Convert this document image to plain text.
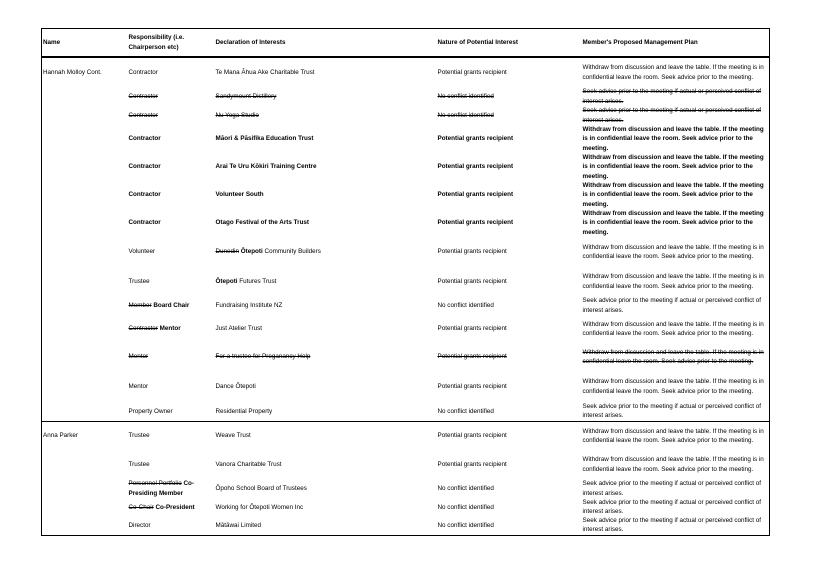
Name	Responsibility (i.e. Chairperson etc)	Declaration of Interests	Nature of Potential Interest	Member's Proposed Management Plan
Hannah Molloy Cont.	Contractor	Te Mana Āhua Ake Charitable Trust	Potential grants recipient	Withdraw from discussion and leave the table. If the meeting is in confidential leave the room. Seek advice prior to the meeting.
	Contractor	Sandymount Distillery	No conflict identified	Seek advice prior to the meeting if actual or perceived conflict of interest arises.
	Contractor	Nu Yoga Studio	No conflict identified	Seek advice prior to the meeting if actual or perceived conflict of interest arises.
	Contractor	Māori & Pāsifika Education Trust	Potential grants recipient	Withdraw from discussion and leave the table. If the meeting is in confidential leave the room. Seek advice prior to the meeting.
	Contractor	Arai Te Uru Kōkiri Training Centre	Potential grants recipient	Withdraw from discussion and leave the table. If the meeting is in confidential leave the room. Seek advice prior to the meeting.
	Contractor	Volunteer South	Potential grants recipient	Withdraw from discussion and leave the table. If the meeting is in confidential leave the room. Seek advice prior to the meeting.
	Contractor	Otago Festival of the Arts Trust	Potential grants recipient	Withdraw from discussion and leave the table. If the meeting is in confidential leave the room. Seek advice prior to the meeting.
	Volunteer	Dunedin Ōtepoti Community Builders	Potential grants recipient	Withdraw from discussion and leave the table. If the meeting is in confidential leave the room. Seek advice prior to the meeting.
	Trustee	Ōtepoti Futures Trust	Potential grants recipient	Withdraw from discussion and leave the table. If the meeting is in confidential leave the room. Seek advice prior to the meeting.
	Member Board Chair	Fundraising Institute NZ	No conflict identified	Seek advice prior to the meeting if actual or perceived conflict of interest arises.
	Contractor Mentor	Just Atelier Trust	Potential grants recipient	Withdraw from discussion and leave the table. If the meeting is in confidential leave the room. Seek advice prior to the meeting.
	Mentor	For a trustee for Preganancy Help	Potential grants recipient	Withdraw from discussion and leave the table. If the meeting is in confidential leave the room. Seek advice prior to the meeting.
	Mentor	Dance Ōtepoti	Potential grants recipient	Withdraw from discussion and leave the table. If the meeting is in confidential leave the room. Seek advice prior to the meeting.
	Property Owner	Residential Property	No conflict identified	Seek advice prior to the meeting if actual or perceived conflict of interest arises.
Anna Parker	Trustee	Weave Trust	Potential grants recipient	Withdraw from discussion and leave the table. If the meeting is in confidential leave the room. Seek advice prior to the meeting.
	Trustee	Vanora Charitable Trust	Potential grants recipient	Withdraw from discussion and leave the table. If the meeting is in confidential leave the room. Seek advice prior to the meeting.
	Personnel Portfolio Co-Presiding Member	Ōpoho School Board of Trustees	No conflict identified	Seek advice prior to the meeting if actual or perceived conflict of interest arises.
	Co-Chair Co-President	Working for Ōtepoti Women Inc	No conflict identified	Seek advice prior to the meeting if actual or perceived conflict of interest arises.
	Director	Mātāwai Limited	No conflict identified	Seek advice prior to the meeting if actual or perceived conflict of interest arises.
